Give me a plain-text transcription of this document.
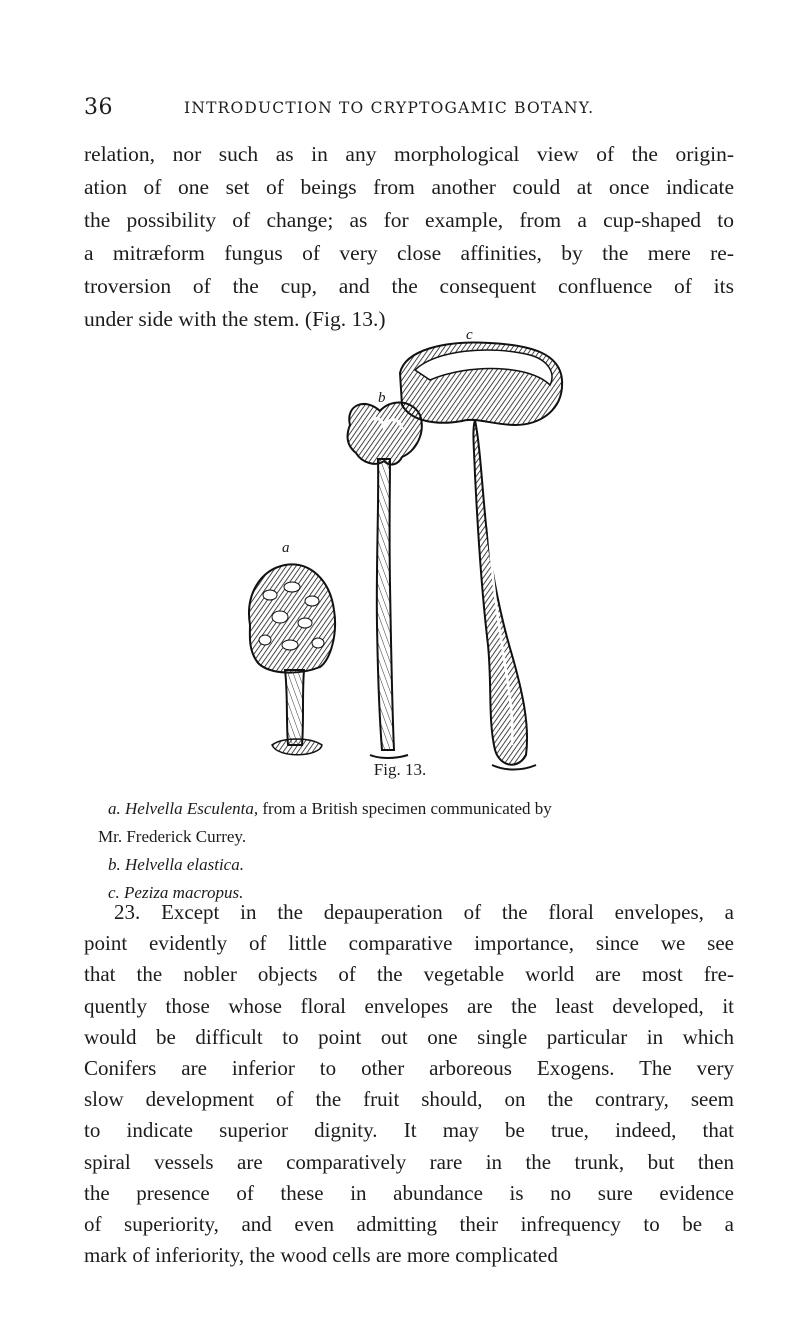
36	INTRODUCTION TO CRYPTOGAMIC BOTANY.

relation, nor such as in any morphological view of the origin-
ation of one set of beings from another could at once indicate
the possibility of change; as for example, from a cup-shaped to
a mitræform fungus of very close affinities, by the mere re-
troversion of the cup, and the consequent confluence of its
under side with the stem. (Fig. 13.)

a
b
c
Fig. 13.
a. Helvella Esculenta, from a British specimen communicated by
Mr. Frederick Currey.
b. Helvella elastica.
c. Peziza macropus.

23. Except in the depauperation of the floral envelopes, a
point evidently of little comparative importance, since we see
that the nobler objects of the vegetable world are most fre-
quently those whose floral envelopes are the least developed, it
would be difficult to point out one single particular in which
Conifers are inferior to other arboreous Exogens. The very
slow development of the fruit should, on the contrary, seem
to indicate superior dignity. It may be true, indeed, that
spiral vessels are comparatively rare in the trunk, but then
the presence of these in abundance is no sure evidence
of superiority, and even admitting their infrequency to be a
mark of inferiority, the wood cells are more complicated
